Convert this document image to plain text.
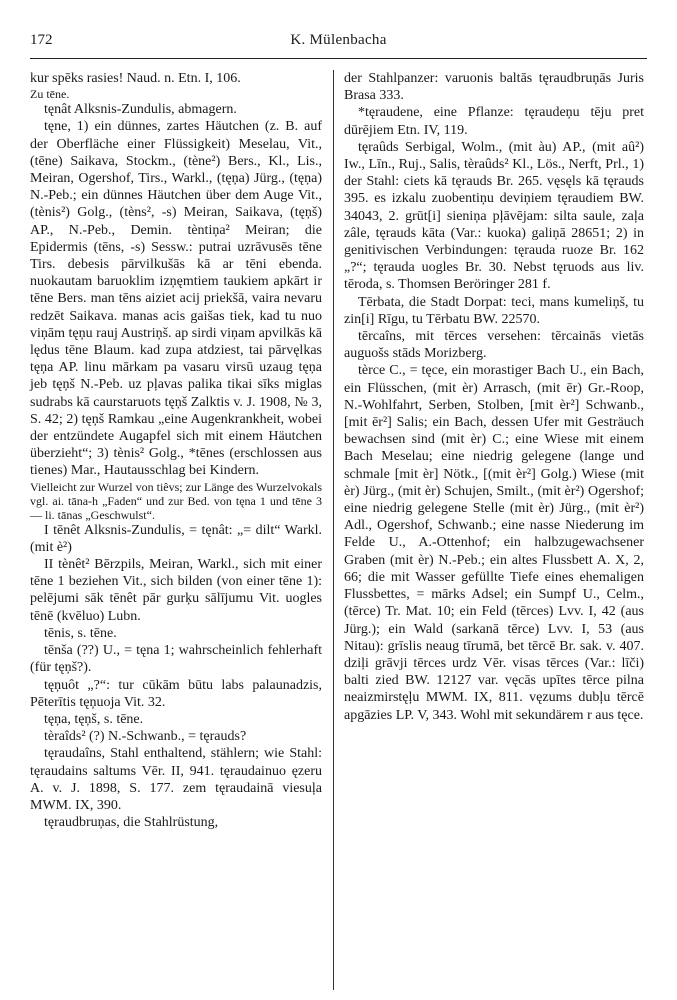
172	K. Mülenbacha

kur spēks rasies! Naud. n. Etn. I, 106.

Zu tēne.

tęnât Alksnis-Zundulis, abmagern.

tęne, 1) ein dünnes, zartes Häutchen (z. B. auf der Oberfläche einer Flüssigkeit) Meselau, Vit., (tēne) Saikava, Stockm., (tène²) Bers., Kl., Lis., Meiran, Ogershof, Tirs., Warkl., (tęņa) Jürg., (tęņa) N.-Peb.; ein dünnes Häutchen über dem Auge Vit., (tènis²) Golg., (tèns², -s) Meiran, Saikava, (tęņš) AP., N.-Peb., Demin. tèntiņa² Meiran; die Epidermis (tēns, -s) Sessw.: putrai uzrāvusēs tēne Tirs. debesis pārvilkušās kā ar tēni ebenda. nuokautam baruoklim izņęmtiem taukiem apkārt ir tēne Bers. man tēns aiziet acij priekšā, vaira nevaru redzēt Saikava. manas acis gaišas tiek, kad tu nuo viņām tęņu rauj Austriņš. ap sirdi viņam apvilkās kā lędus tēne Blaum. kad zupa atdziest, tai pārvęlkas tęņa AP. linu mārkam pa vasaru virsū uzaug tęņa jeb tęņš N.-Peb. uz pļavas palika tikai sīks miglas sudrabs kā caurstaruots tęņš Zalktis v. J. 1908, № 3, S. 42; 2) tęņš Ramkau „eine Augenkrankheit, wobei der entzündete Augapfel sich mit einem Häutchen überzieht“; 3) tènis² Golg., *tēnes (erschlossen aus tienes) Mar., Hautausschlag bei Kindern.

Vielleicht zur Wurzel von tiêvs; zur Länge des Wurzelvokals vgl. ai. tāna-h „Faden“ und zur Bed. von tęna 1 und tēne 3 — li. tānas „Geschwulst“.

I tēnêt Alksnis-Zundulis, = tęnât: „= dilt“ Warkl. (mit è²)

II tènêt² Bērzpils, Meiran, Warkl., sich mit einer tēne 1 beziehen Vit., sich bilden (von einer tēne 1): pelējumi sāk tēnêt pār gurķu sālījumu Vit. uogles tēnē (kvēluo) Lubn.

tēnis, s. tēne.

tēnša (??) U., = tęna 1; wahrscheinlich fehlerhaft (für tęņš?).

tęņuôt „?“: tur cūkām būtu labs palaunadzis, Pēterītis tęņuoja Vit. 32.

tęņa, tęņš, s. tēne.

tèraîds² (?) N.-Schwanb., = tęrauds?

tęraudaîns, Stahl enthaltend, stählern; wie Stahl: tęraudains saltums Vēr. II, 941. tęraudainuo ęzeru A. v. J. 1898, S. 177. zem tęraudainā viesuļa MWM. IX, 390.

tęraudbruņas, die Stahlrüstung,

der Stahlpanzer: varuonis baltās tęraudbruņās Juris Brasa 333.

*tęraudene, eine Pflanze: tęraudeņu tēju pret dūrējiem Etn. IV, 119.

tęraûds Serbigal, Wolm., (mit àu) AP., (mit aû²) Iw., Līn., Ruj., Salis, tèraûds² Kl., Lös., Nerft, Prl., 1) der Stahl: ciets kā tęrauds Br. 265. vęsęls kā tęrauds 395. es izkalu zuobentiņu deviņiem tęraudiem BW. 34043, 2. grūt[i] sieniņa pļāvējam: silta saule, zaļa zâle, tęrauds kāta (Var.: kuoka) galiņā 28651; 2) in genitivischen Verbindungen: tęrauda ruoze Br. 162 „?“; tęrauda uogles Br. 30. Nebst tęruods aus liv. tēroda, s. Thomsen Beröringer 281 f.

Tērbata, die Stadt Dorpat: teci, mans kumeliņš, tu zin[i] Rīgu, tu Tērbatu BW. 22570.

tērcaîns, mit tērces versehen: tērcainās vietās auguošs stāds Morizberg.

tèrce C., = tęce, ein morastiger Bach U., ein Bach, ein Flüsschen, (mit èr) Arrasch, (mit ēr) Gr.-Roop, N.-Wohlfahrt, Serben, Stolben, [mit èr²] Schwanb., [mit ēr²] Salis; ein Bach, dessen Ufer mit Gesträuch bewachsen sind (mit èr) C.; eine Wiese mit einem Bach Meselau; eine niedrig gelegene (lange und schmale [mit èr] Nötk., [(mit èr²] Golg.) Wiese (mit èr) Jürg., (mit èr) Schujen, Smilt., (mit èr²) Ogershof; eine niedrig gelegene Stelle (mit èr) Jürg., (mit èr²) Adl., Ogershof, Schwanb.; eine nasse Niederung im Felde U., A.-Ottenhof; ein halbzugewachsener Graben (mit èr) N.-Peb.; ein altes Flussbett A. X, 2, 66; die mit Wasser gefüllte Tiefe eines ehemaligen Flussbettes, = mārks Adsel; ein Sumpf U., Celm., (tērce) Tr. Mat. 10; ein Feld (tērces) Lvv. I, 42 (aus Jürg.); ein Wald (sarkanā tērce) Lvv. I, 53 (aus Nitau): grīslis neaug tīrumā, bet tērcē Br. sak. v. 407. dziļi grāvji tērces urdz Vēr. visas tērces (Var.: līči) balti zied BW. 12127 var. vęcās upītes tērce pilna neaizmirstęļu MWM. IX, 811. vęzums dubļu tērcē apgāzies LP. V, 343. Wohl mit sekundärem r aus tęce.
